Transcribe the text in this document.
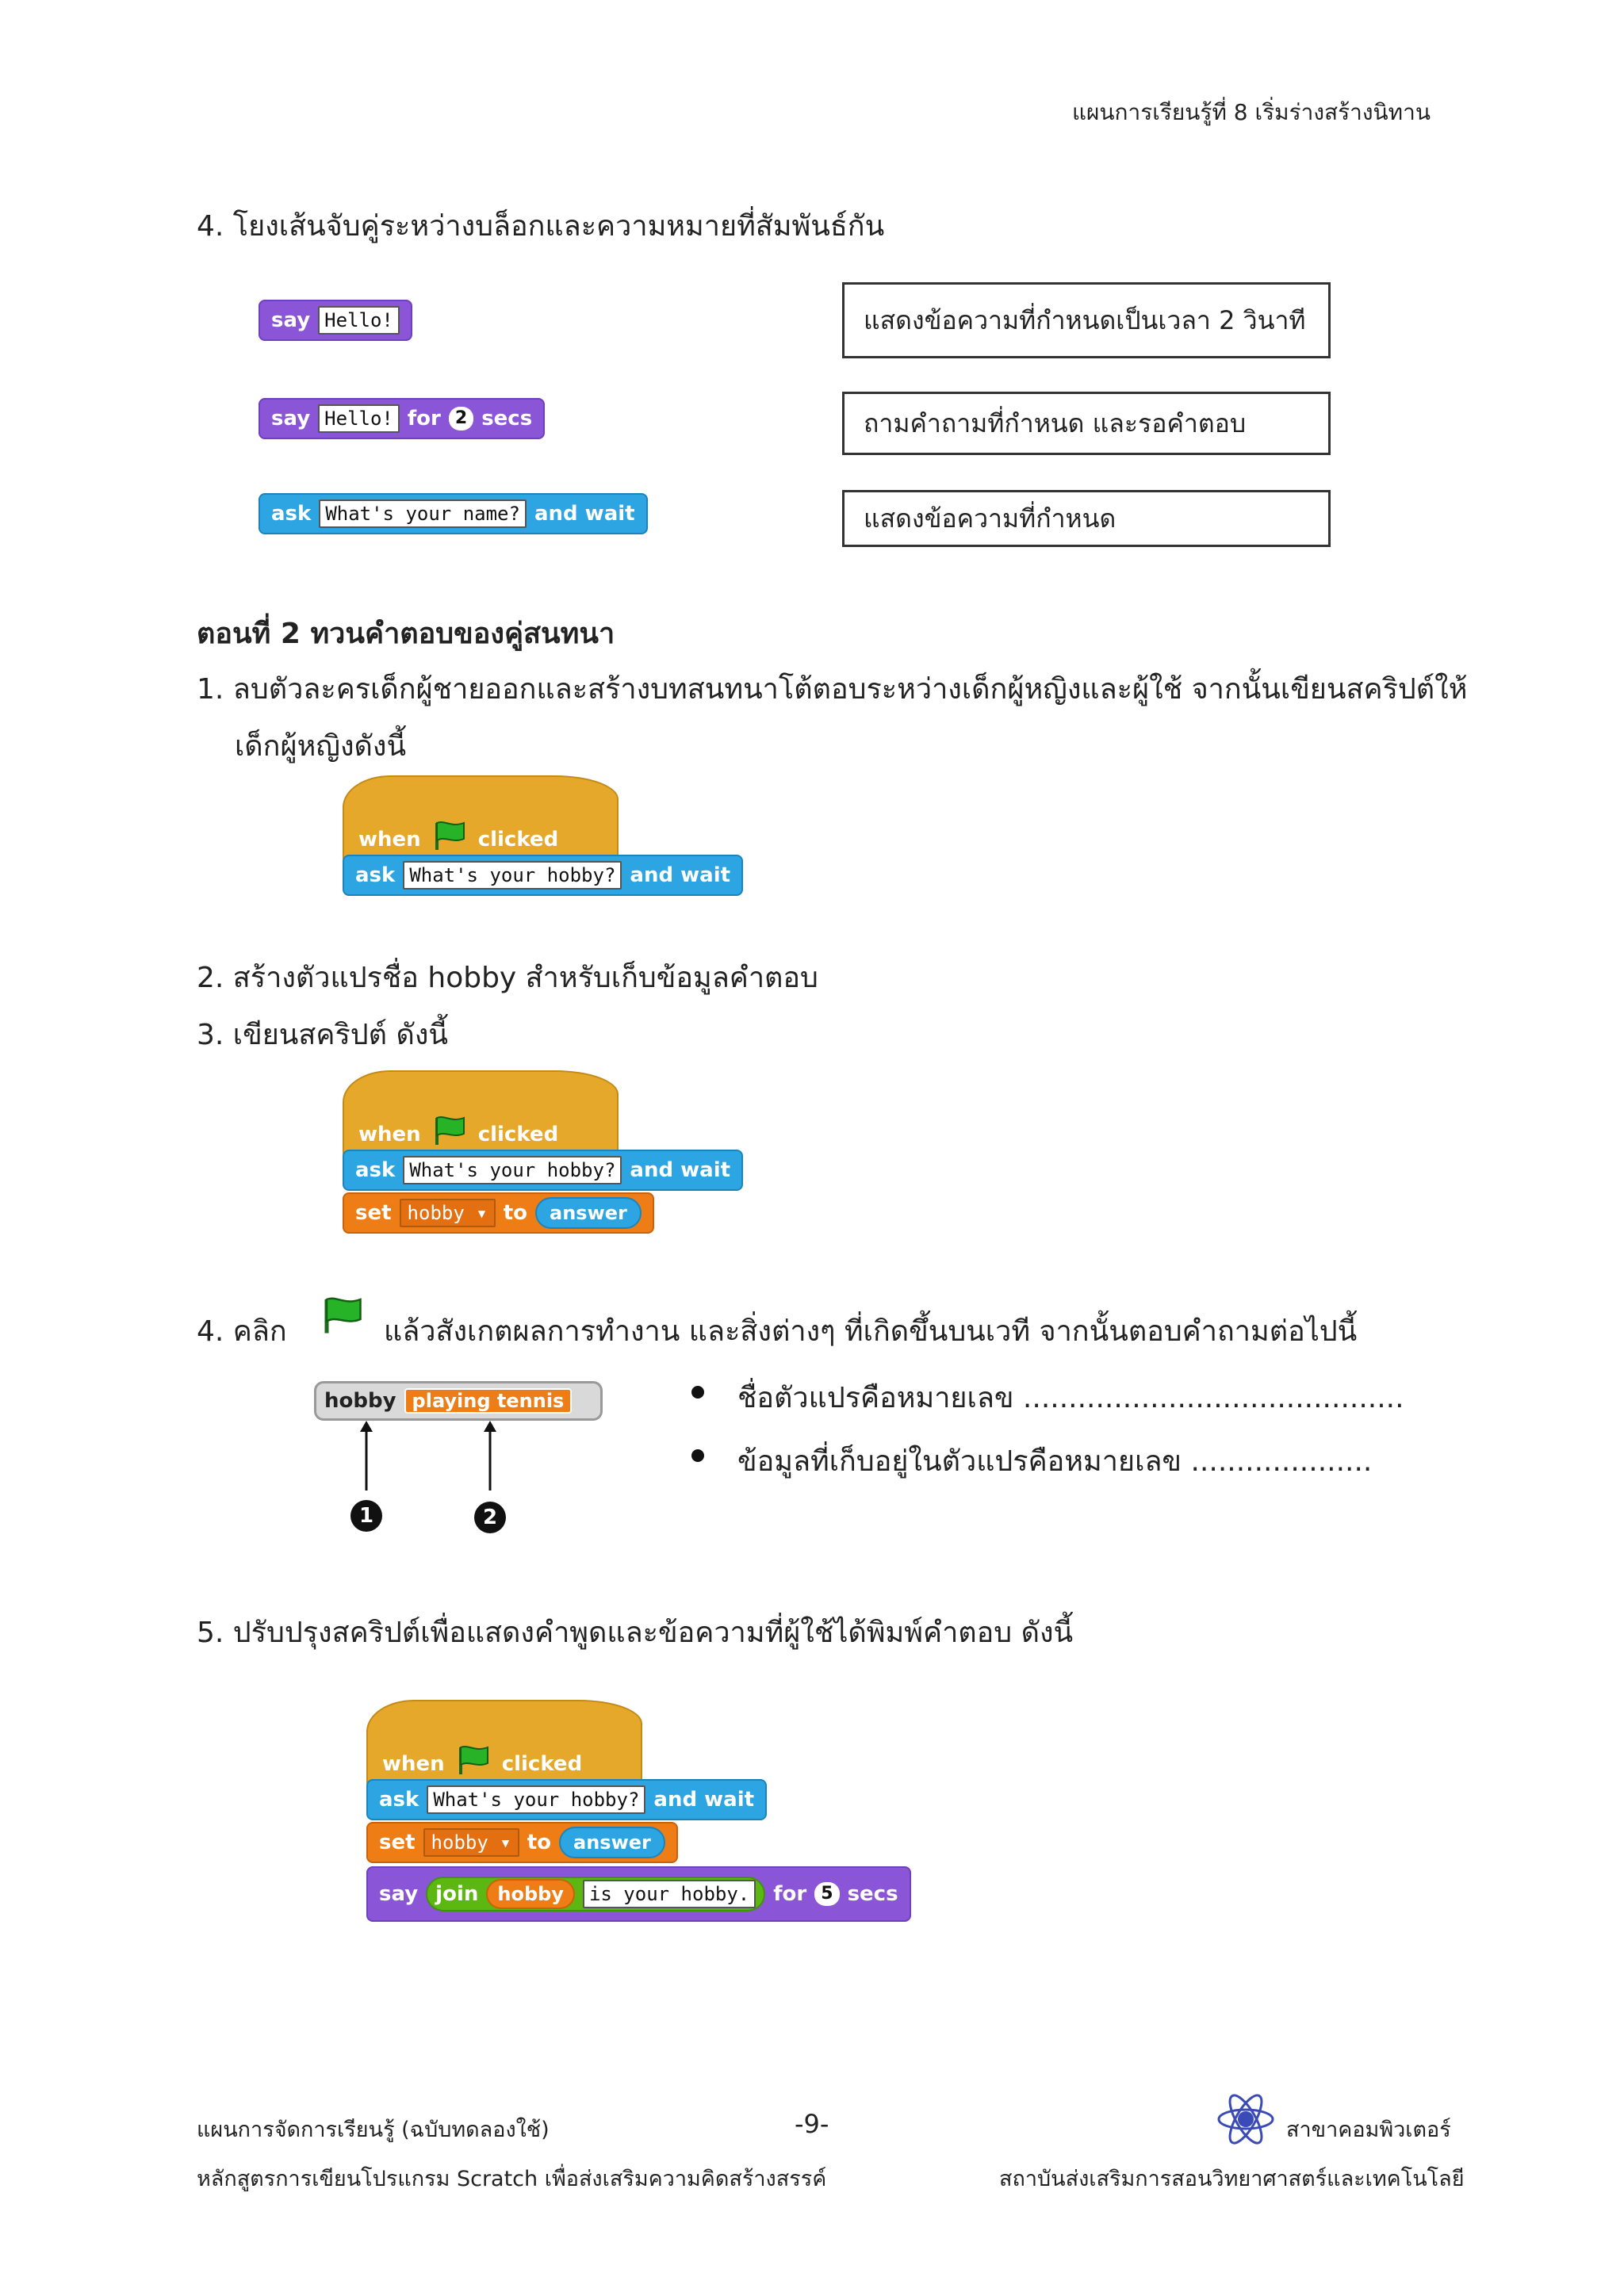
แผนการเรียนรู้ที่ 8 เริ่มร่างสร้างนิทาน
4. โยงเส้นจับคู่ระหว่างบล็อกและความหมายที่สัมพันธ์กัน
say Hello!
say Hello! for 2 secs
ask What's your name? and wait
แสดงข้อความที่กำหนดเป็นเวลา 2 วินาที
ถามคำถามที่กำหนด และรอคำตอบ
แสดงข้อความที่กำหนด
ตอนที่ 2 ทวนคำตอบของคู่สนทนา
1. ลบตัวละครเด็กผู้ชายออกและสร้างบทสนทนาโต้ตอบระหว่างเด็กผู้หญิงและผู้ใช้ จากนั้นเขียนสคริปต์ให้
เด็กผู้หญิงดังนี้
when	clicked
ask What's your hobby? and wait
2. สร้างตัวแปรชื่อ hobby สำหรับเก็บข้อมูลคำตอบ
3. เขียนสคริปต์ ดังนี้
when	clicked
ask What's your hobby? and wait
set hobby ▾ to	answer
4. คลิก	แล้วสังเกตผลการทำงาน และสิ่งต่างๆ ที่เกิดขึ้นบนเวที จากนั้นตอบคำถามต่อไปนี้
hobby playing tennis
1	2
ชื่อตัวแปรคือหมายเลข ..........................................
ข้อมูลที่เก็บอยู่ในตัวแปรคือหมายเลข ....................
5. ปรับปรุงสคริปต์เพื่อแสดงคำพูดและข้อความที่ผู้ใช้ได้พิมพ์คำตอบ ดังนี้
when	clicked
ask What's your hobby? and wait
set hobby ▾ to	answer
say join	hobby	is your hobby.	for 5 secs
แผนการจัดการเรียนรู้ (ฉบับทดลองใช้)	-9-	สาขาคอมพิวเตอร์
หลักสูตรการเขียนโปรแกรม Scratch เพื่อส่งเสริมความคิดสร้างสรรค์	สถาบันส่งเสริมการสอนวิทยาศาสตร์และเทคโนโลยี
